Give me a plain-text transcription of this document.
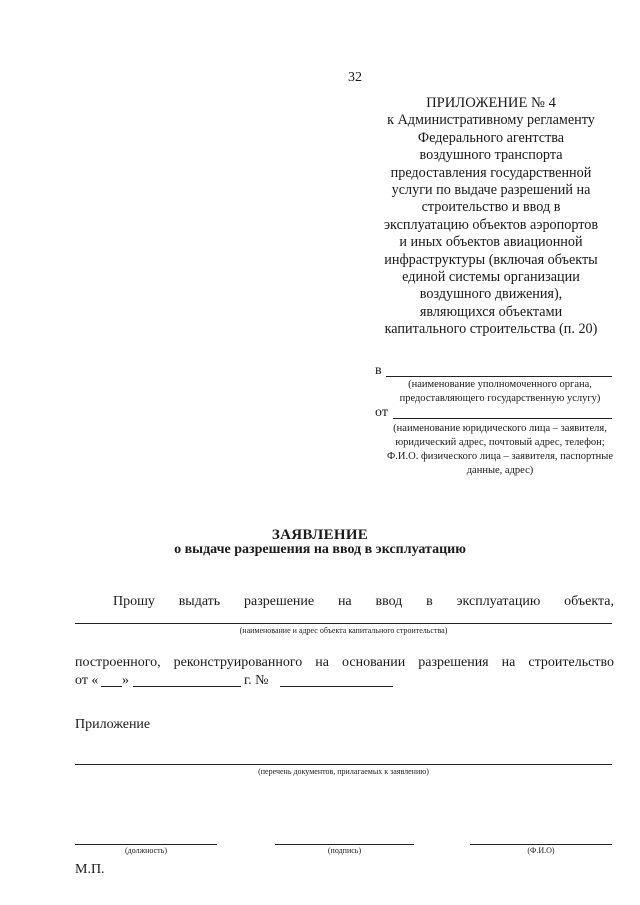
32
ПРИЛОЖЕНИЕ № 4
к Административному регламенту
Федерального агентства
воздушного транспорта
предоставления государственной
услуги по выдаче разрешений на
строительство и ввод в
эксплуатацию объектов аэропортов
и иных объектов авиационной
инфраструктуры (включая объекты
единой системы организации
воздушного движения),
являющихся объектами
капитального строительства (п. 20)
в
(наименование уполномоченного органа,
предоставляющего государственную услугу)
от
(наименование юридического лица – заявителя,
юридический адрес, почтовый адрес, телефон;
Ф.И.О. физического лица – заявителя, паспортные
данные, адрес)
ЗАЯВЛЕНИЕ
о выдаче разрешения на ввод в эксплуатацию
Прошу выдать разрешение на ввод в эксплуатацию объекта,
(наименование и адрес объекта капитального строительства)
построенного, реконструированного на основании разрешения на строительство
от « »	г. №
Приложение
(перечень документов, прилагаемых к заявлению)
(должность)	(подпись)	(Ф.И.О)
М.П.
